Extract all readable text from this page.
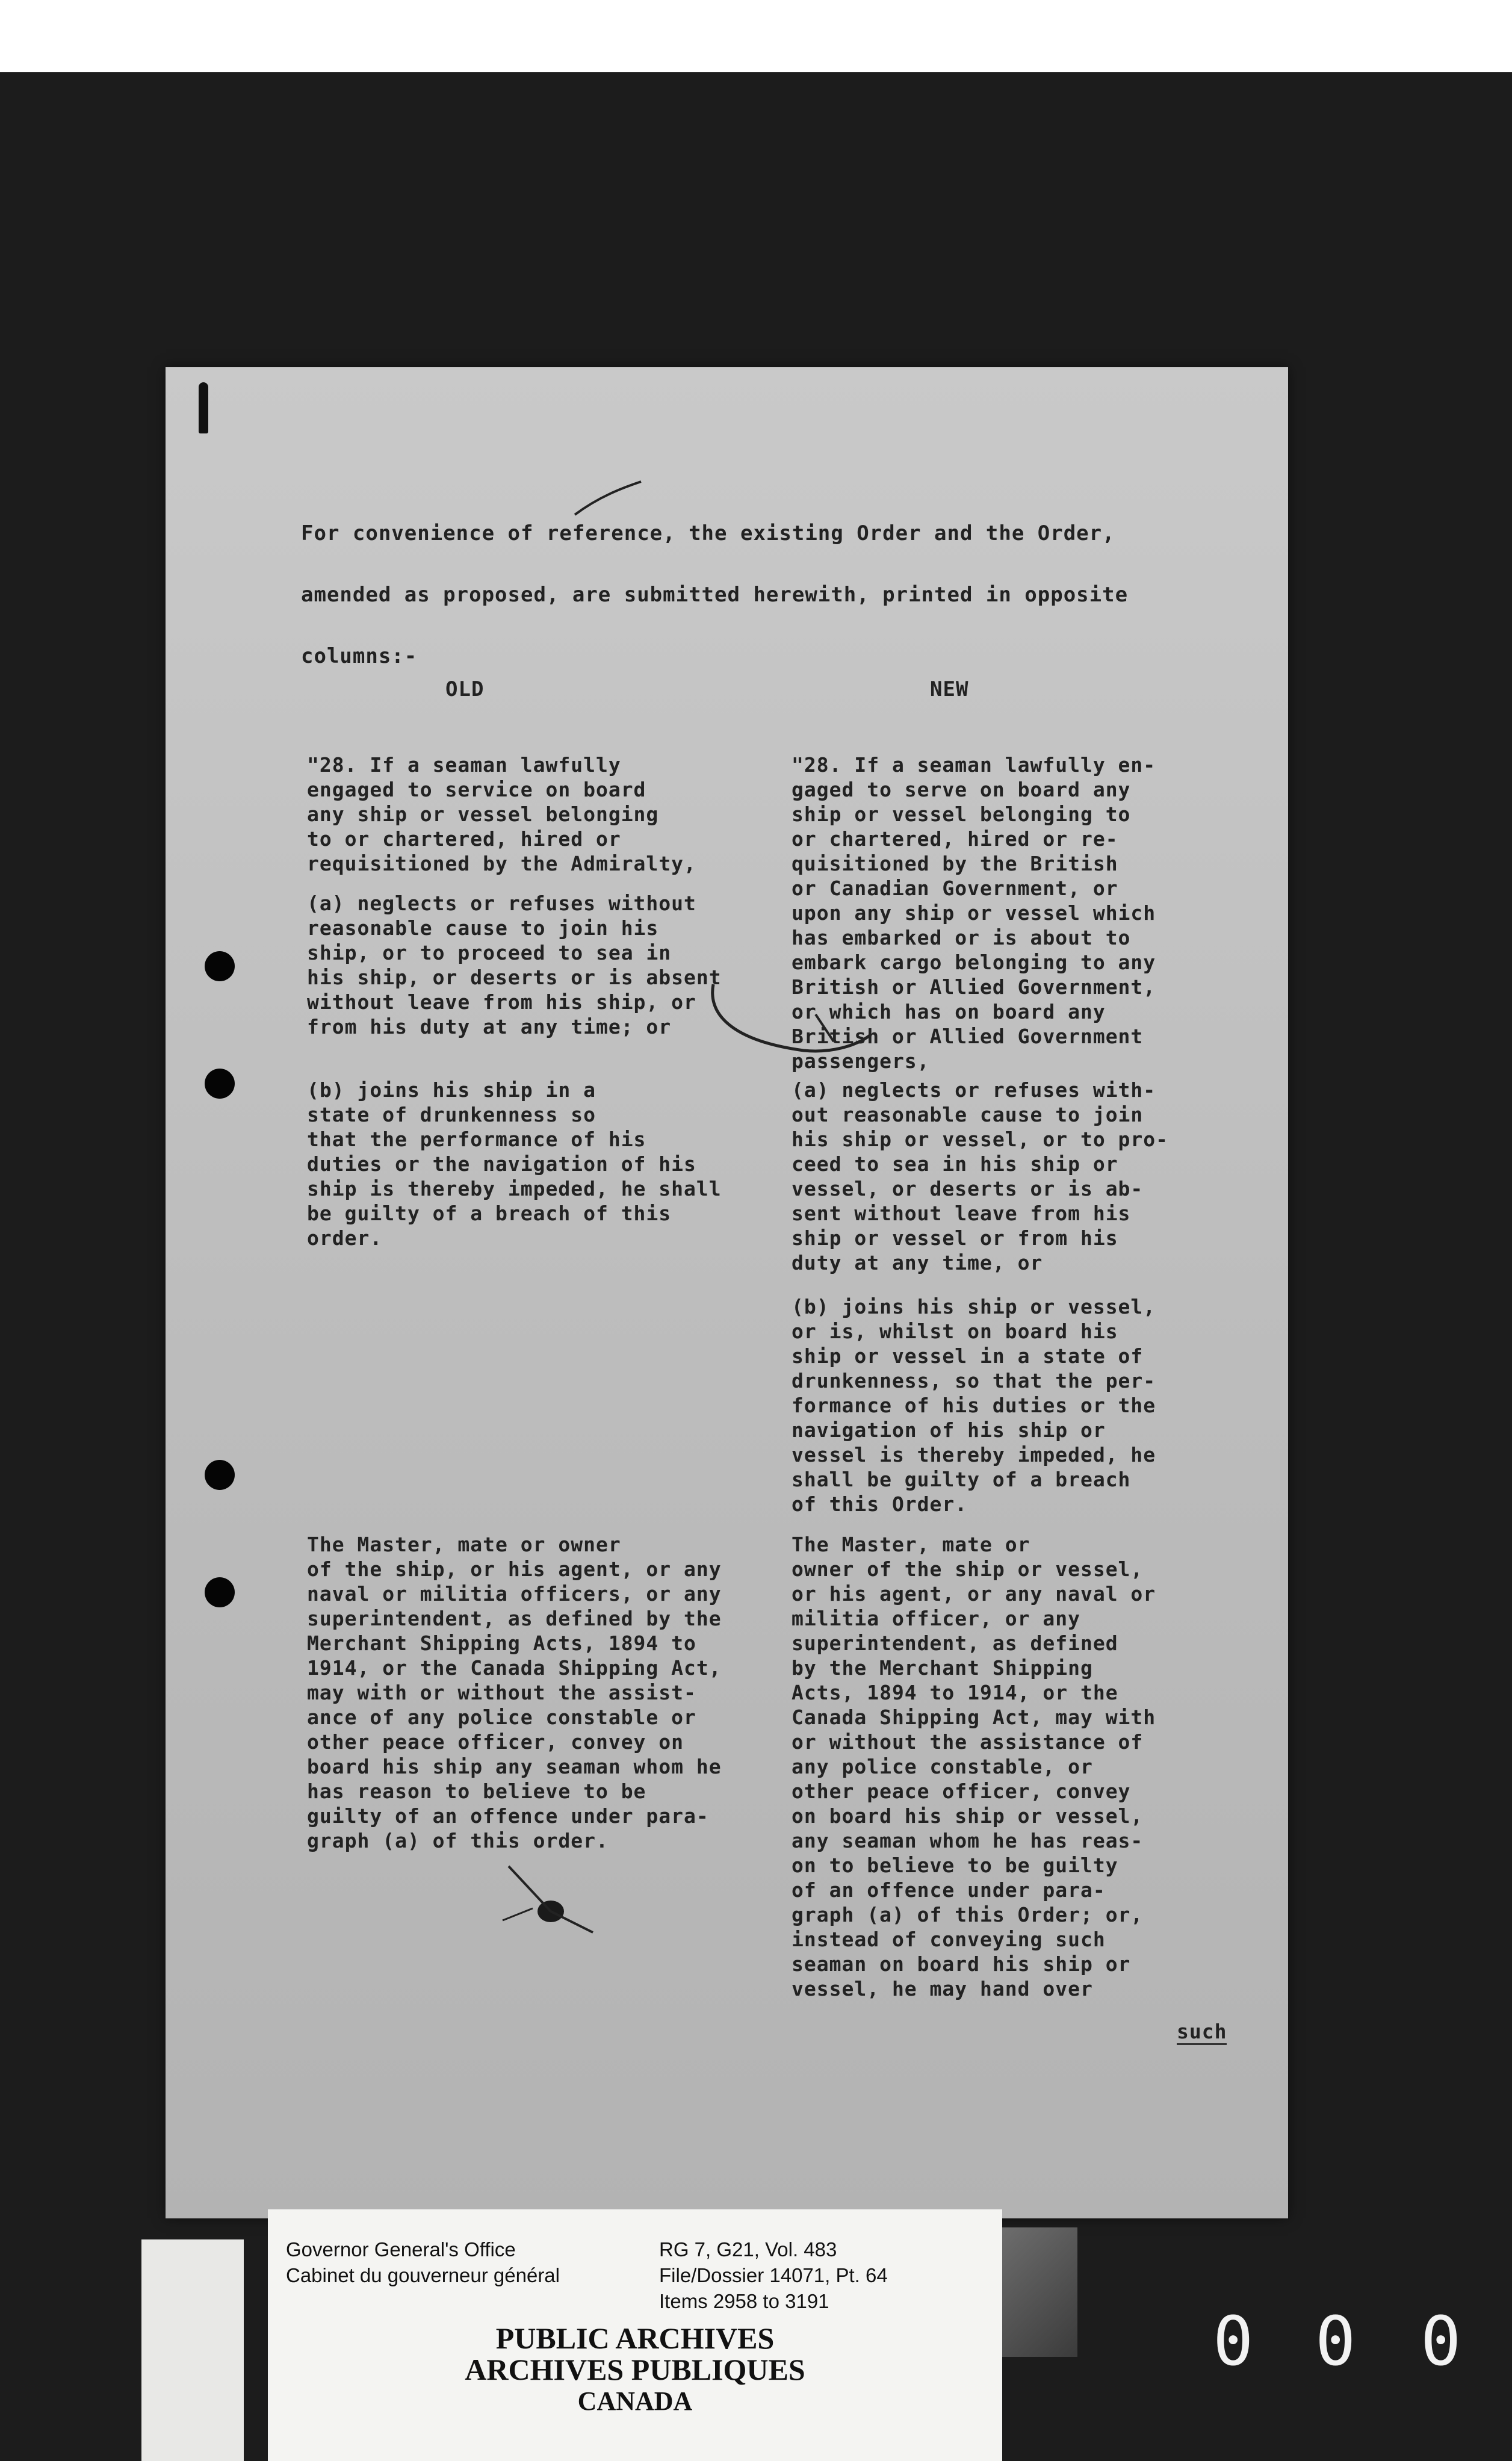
For convenience of reference, the existing Order and the Order, amended as proposed, are submitted herewith, printed in opposite columns:-
OLD	NEW
"28. If a seaman lawfully
engaged to service on board
any ship or vessel belonging
to or chartered, hired or
requisitioned by the Admiralty,
(a) neglects or refuses without
reasonable cause to join his
ship, or to proceed to sea in
his ship, or deserts or is absent
without leave from his ship, or
from his duty at any time; or
(b) joins his ship in a
state of drunkenness so
that the performance of his
duties or the navigation of his
ship is thereby impeded, he shall
be guilty of a breach of this
order.
The Master, mate or owner
of the ship, or his agent, or any
naval or militia officers, or any
superintendent, as defined by the
Merchant Shipping Acts, 1894 to
1914, or the Canada Shipping Act,
may with or without the assist-
ance of any police constable or
other peace officer, convey on
board his ship any seaman whom he
has reason to believe to be
guilty of an offence under para-
graph (a) of this order.
"28. If a seaman lawfully en-
gaged to serve on board any
ship or vessel belonging to
or chartered, hired or re-
quisitioned by the British
or Canadian Government, or
upon any ship or vessel which
has embarked or is about to
embark cargo belonging to any
British or Allied Government,
or which has on board any
British or Allied Government
passengers,
(a) neglects or refuses with-
out reasonable cause to join
his ship or vessel, or to pro-
ceed to sea in his ship or
vessel, or deserts or is ab-
sent without leave from his
ship or vessel or from his
duty at any time, or
(b) joins his ship or vessel,
or is, whilst on board his
ship or vessel in a state of
drunkenness, so that the per-
formance of his duties or the
navigation of his ship or
vessel is thereby impeded, he
shall be guilty of a breach
of this Order.
The Master, mate or
owner of the ship or vessel,
or his agent, or any naval or
militia officer, or any
superintendent, as defined
by the Merchant Shipping
Acts, 1894 to 1914, or the
Canada Shipping Act, may with
or without the assistance of
any police constable, or
other peace officer, convey
on board his ship or vessel,
any seaman whom he has reas-
on to believe to be guilty
of an offence under para-
graph (a) of this Order; or,
instead of conveying such
seaman on board his ship or
vessel, he may hand over
such
Governor General's Office
Cabinet du gouverneur général
RG 7, G21, Vol. 483
File/Dossier 14071, Pt. 64
Items 2958 to 3191
PUBLIC ARCHIVES
ARCHIVES PUBLIQUES
CANADA
0 0 0
